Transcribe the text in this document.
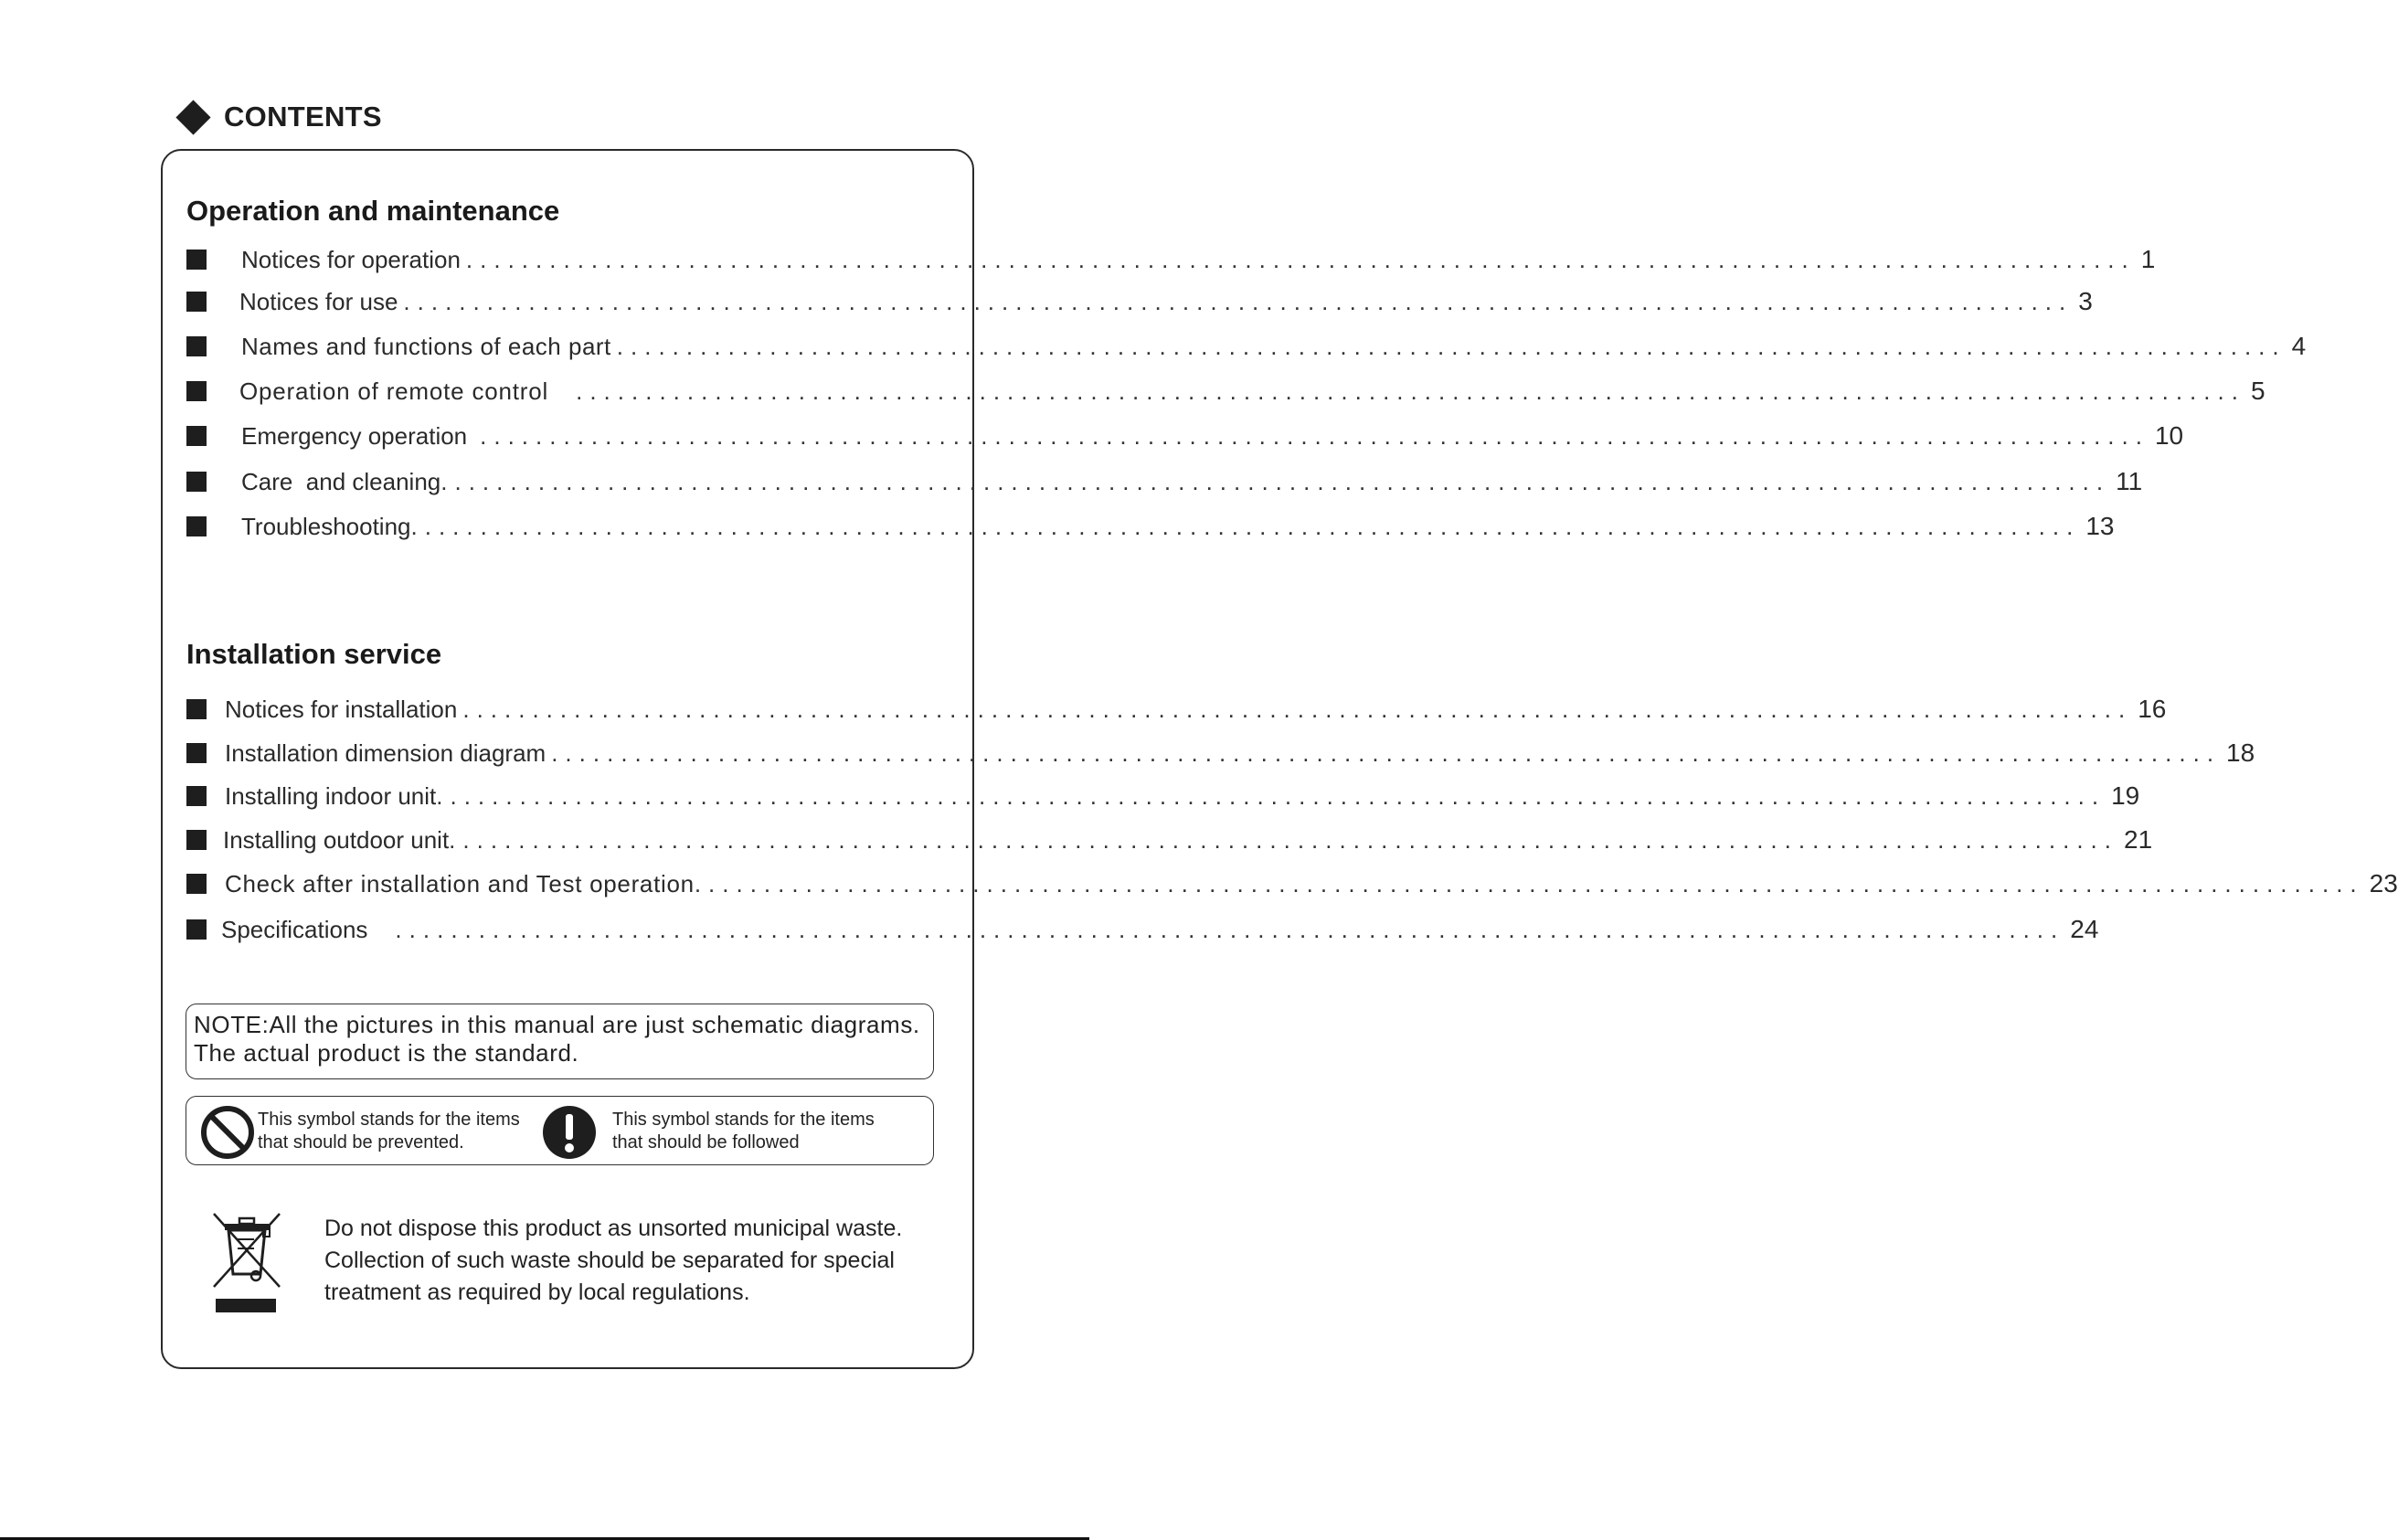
CONTENTS
Operation and maintenance
Notices for operation ........................................................................................................................ 1
Notices for use ........................................................................................................................ 3
Names and functions of each part ........................................................................................................................ 4
Operation of remote control ........................................................................................................................ 5
Emergency operation ........................................................................................................................ 10
Care  and cleaning ........................................................................................................................ 11
Troubleshooting ........................................................................................................................ 13
Installation service
Notices for installation ........................................................................................................................ 16
Installation dimension diagram ........................................................................................................................ 18
Installing indoor unit ........................................................................................................................ 19
Installing outdoor unit ........................................................................................................................ 21
Check after installation and Test operation ........................................................................................................................ 23
Specifications ........................................................................................................................ 24
NOTE:All the pictures in this manual are just schematic diagrams.
The actual product is the standard.
This symbol stands for the items
that should be prevented.
This symbol stands for the items
that should be followed
Do not dispose this product as unsorted municipal waste.
Collection of such waste should be separated for special
treatment as required by local regulations.
